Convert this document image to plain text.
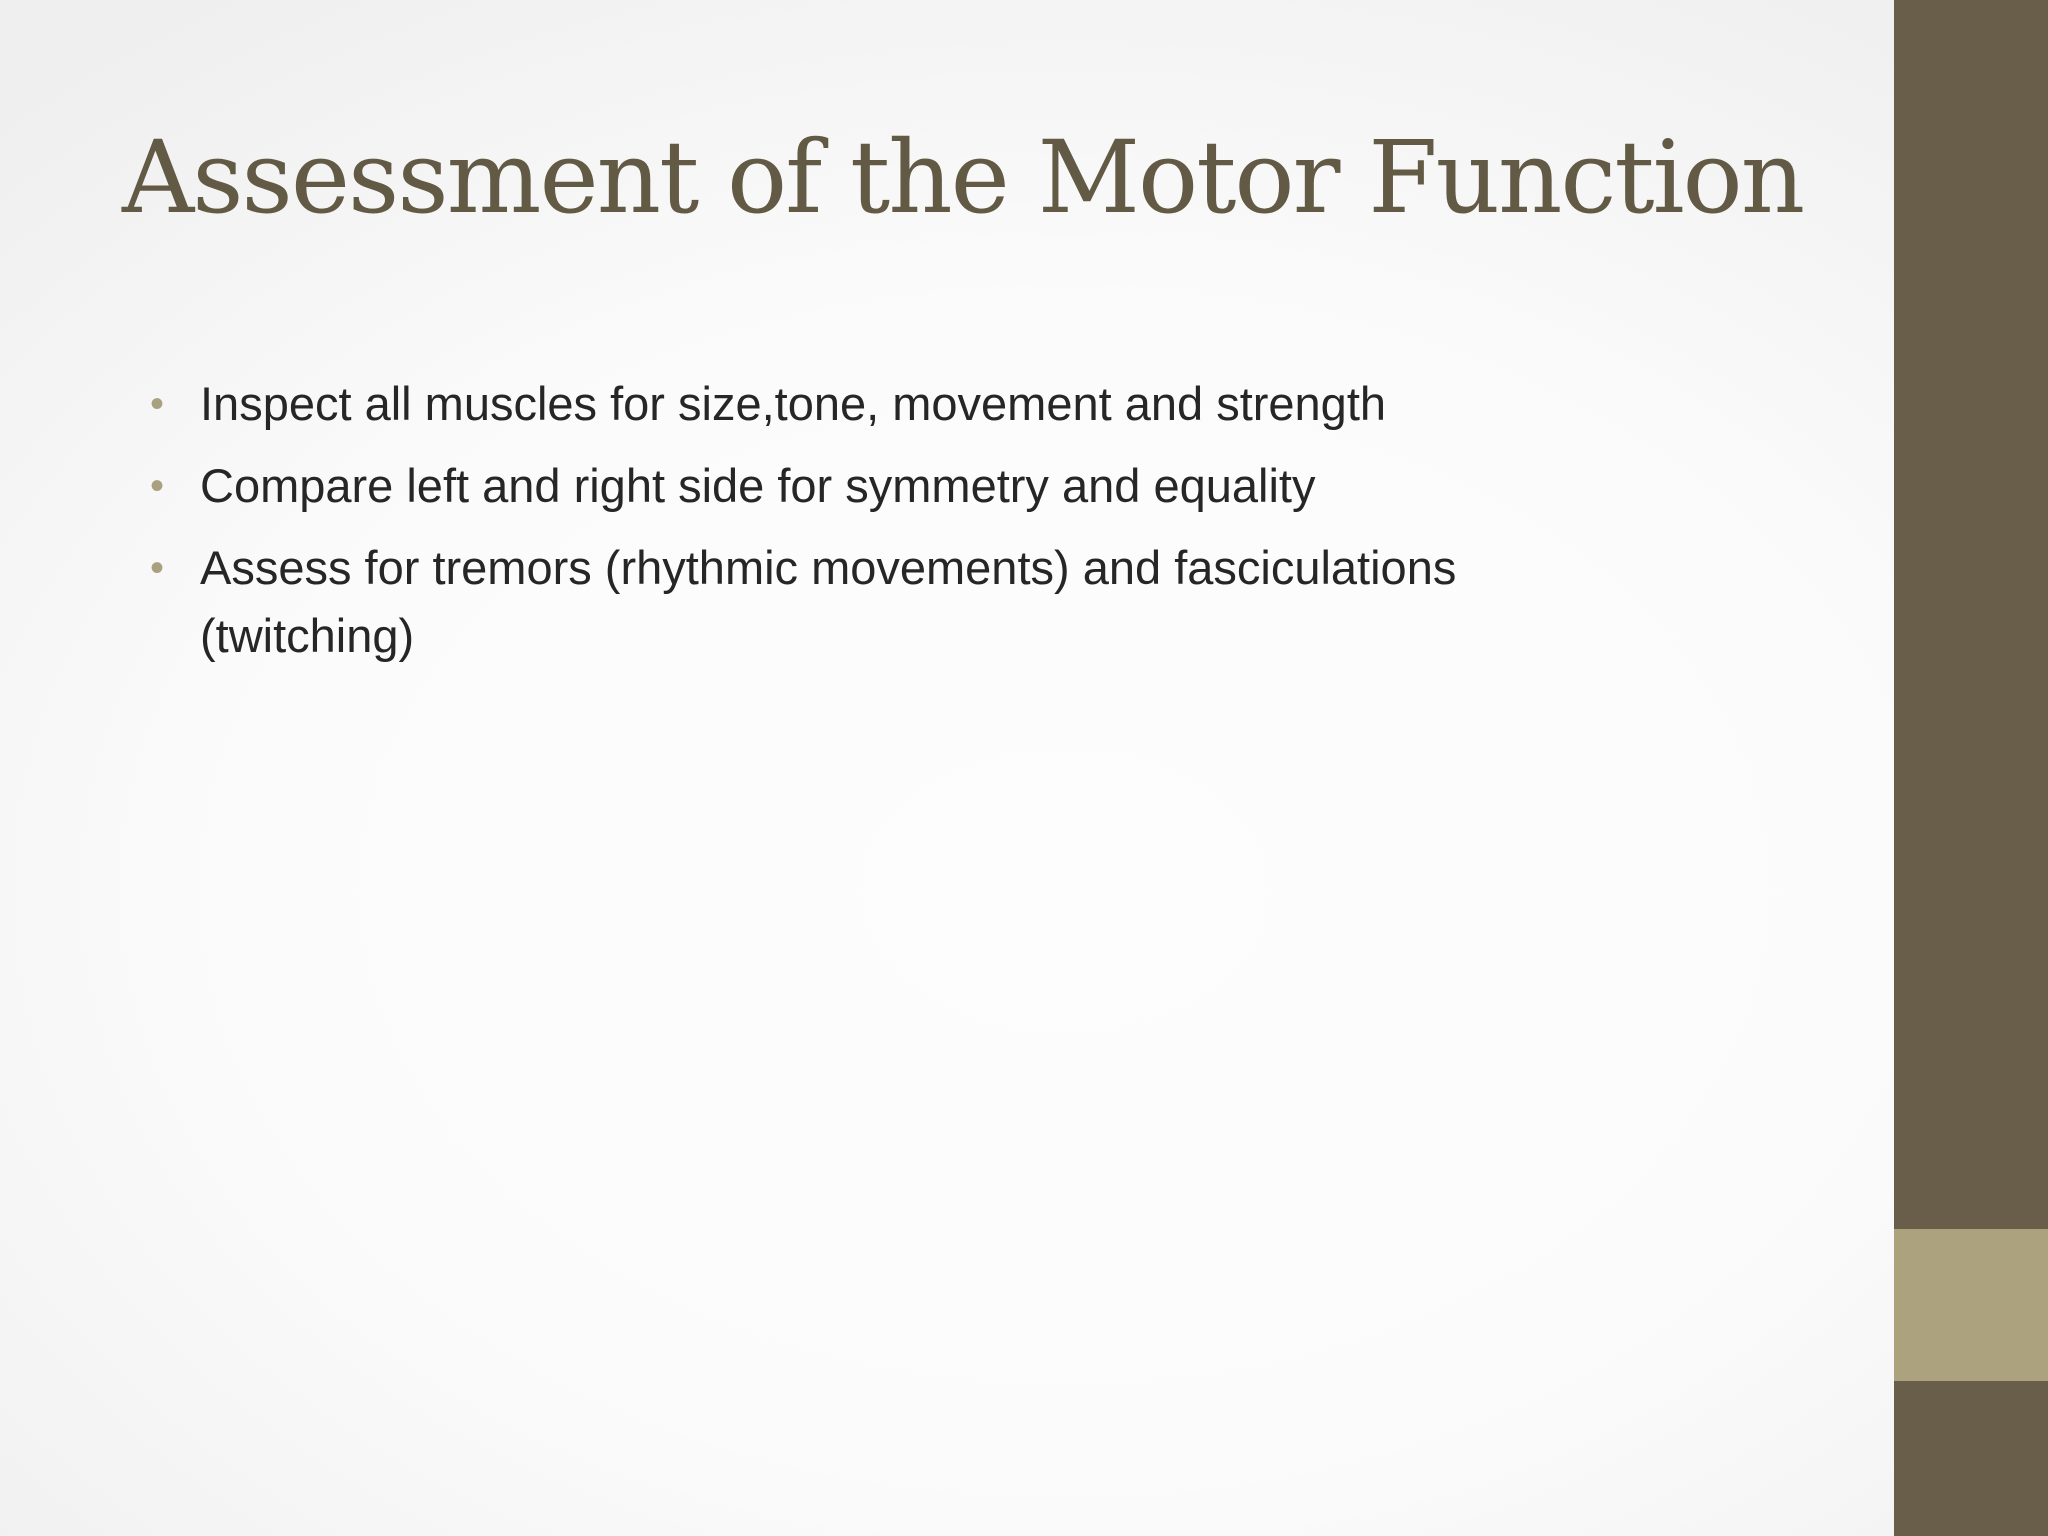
Assessment of the Motor Function
• Inspect all muscles for size,tone, movement and strength
• Compare left and right side for symmetry and equality
• Assess for tremors (rhythmic movements) and fasciculations (twitching)
